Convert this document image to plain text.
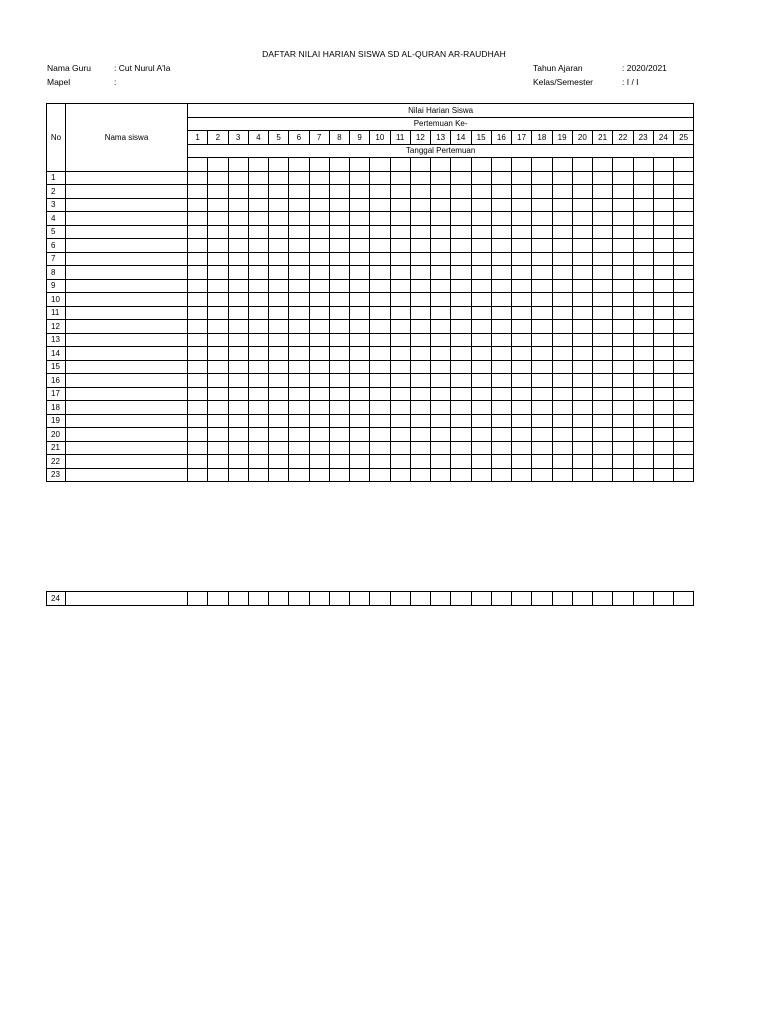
DAFTAR NILAI HARIAN SISWA SD AL-QURAN AR-RAUDHAH
Nama Guru	: Cut Nurul A'la
Mapel	:
Tahun Ajaran	: 2020/2021
Kelas/Semester	: I / I
No	Nama siswa	Nilai Harian Siswa																								
		Pertemuan Ke-																								
		1	2	3	4	5	6	7	8	9	10	11	12	13	14	15	16	17	18	19	20	21	22	23	24	25
		Tanggal Pertemuan																								

1																										
2																										
3																										
4																										
5																										
6																										
7																										
8																										
9																										
10																										
11																										
12																										
13																										
14																										
15																										
16																										
17																										
18																										
19																										
20																										
21																										
22																										
23																										
24																										
